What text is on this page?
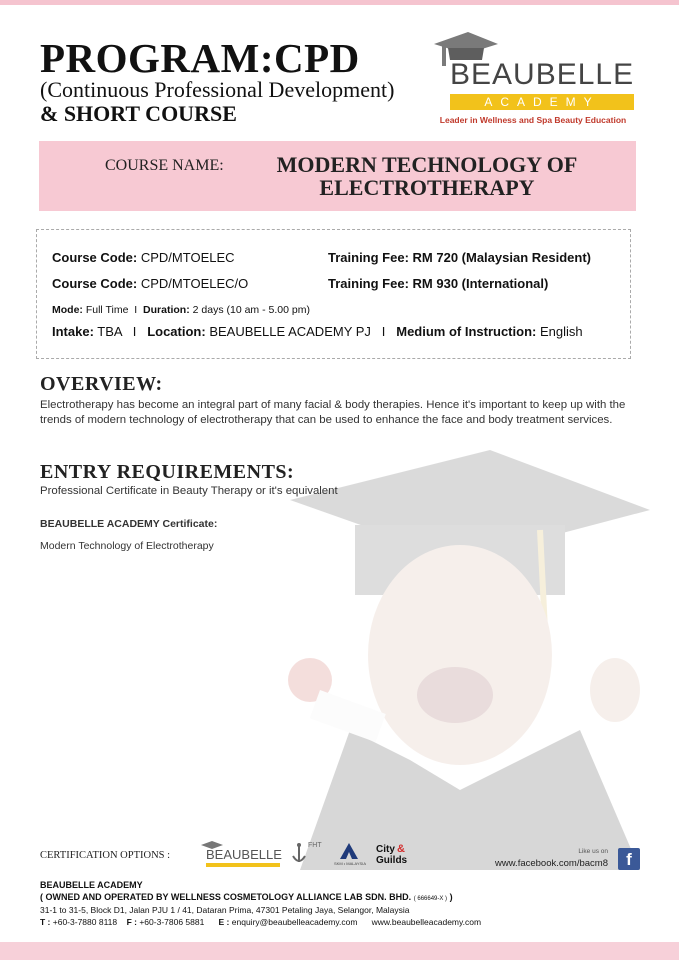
PROGRAM:CPD
(Continuous Professional Development)
& SHORT COURSE
BEAUBELLE
ACADEMY
Leader in Wellness and Spa Beauty Education
COURSE NAME:	MODERN TECHNOLOGY OF ELECTROTHERAPY
Course Code: CPD/MTOELEC	Training Fee: RM 720 (Malaysian Resident)
Course Code: CPD/MTOELEC/O	Training Fee: RM 930 (International)
Mode: Full Time I Duration: 2 days (10 am - 5.00 pm)
Intake: TBA I Location: BEAUBELLE ACADEMY PJ I Medium of Instruction: English
OVERVIEW:

Electrotherapy has become an integral part of many facial & body therapies. Hence it's important to keep up with the trends of modern technology of electrotherapy that can be used to enhance the face and body treatment services.

ENTRY REQUIREMENTS:

Professional Certificate in Beauty Therapy or it's equivalent

BEAUBELLE ACADEMY Certificate:

Modern Technology of Electrotherapy

CERTIFICATION OPTIONS :	BEAUBELLE
FHT
SKM • MALAYSIA
City &
Guilds
Like us on
www.facebook.com/bacm8	f
BEAUBELLE ACADEMY
( OWNED AND OPERATED BY WELLNESS COSMETOLOGY ALLIANCE LAB SDN. BHD. ( 666649-X ) )
31-1 to 31-5, Block D1, Jalan PJU 1 / 41, Dataran Prima, 47301 Petaling Jaya, Selangor, Malaysia
T : +60-3-7880 8118 F : +60-3-7806 5881 E : enquiry@beaubelleacademy.com www.beaubelleacademy.com
